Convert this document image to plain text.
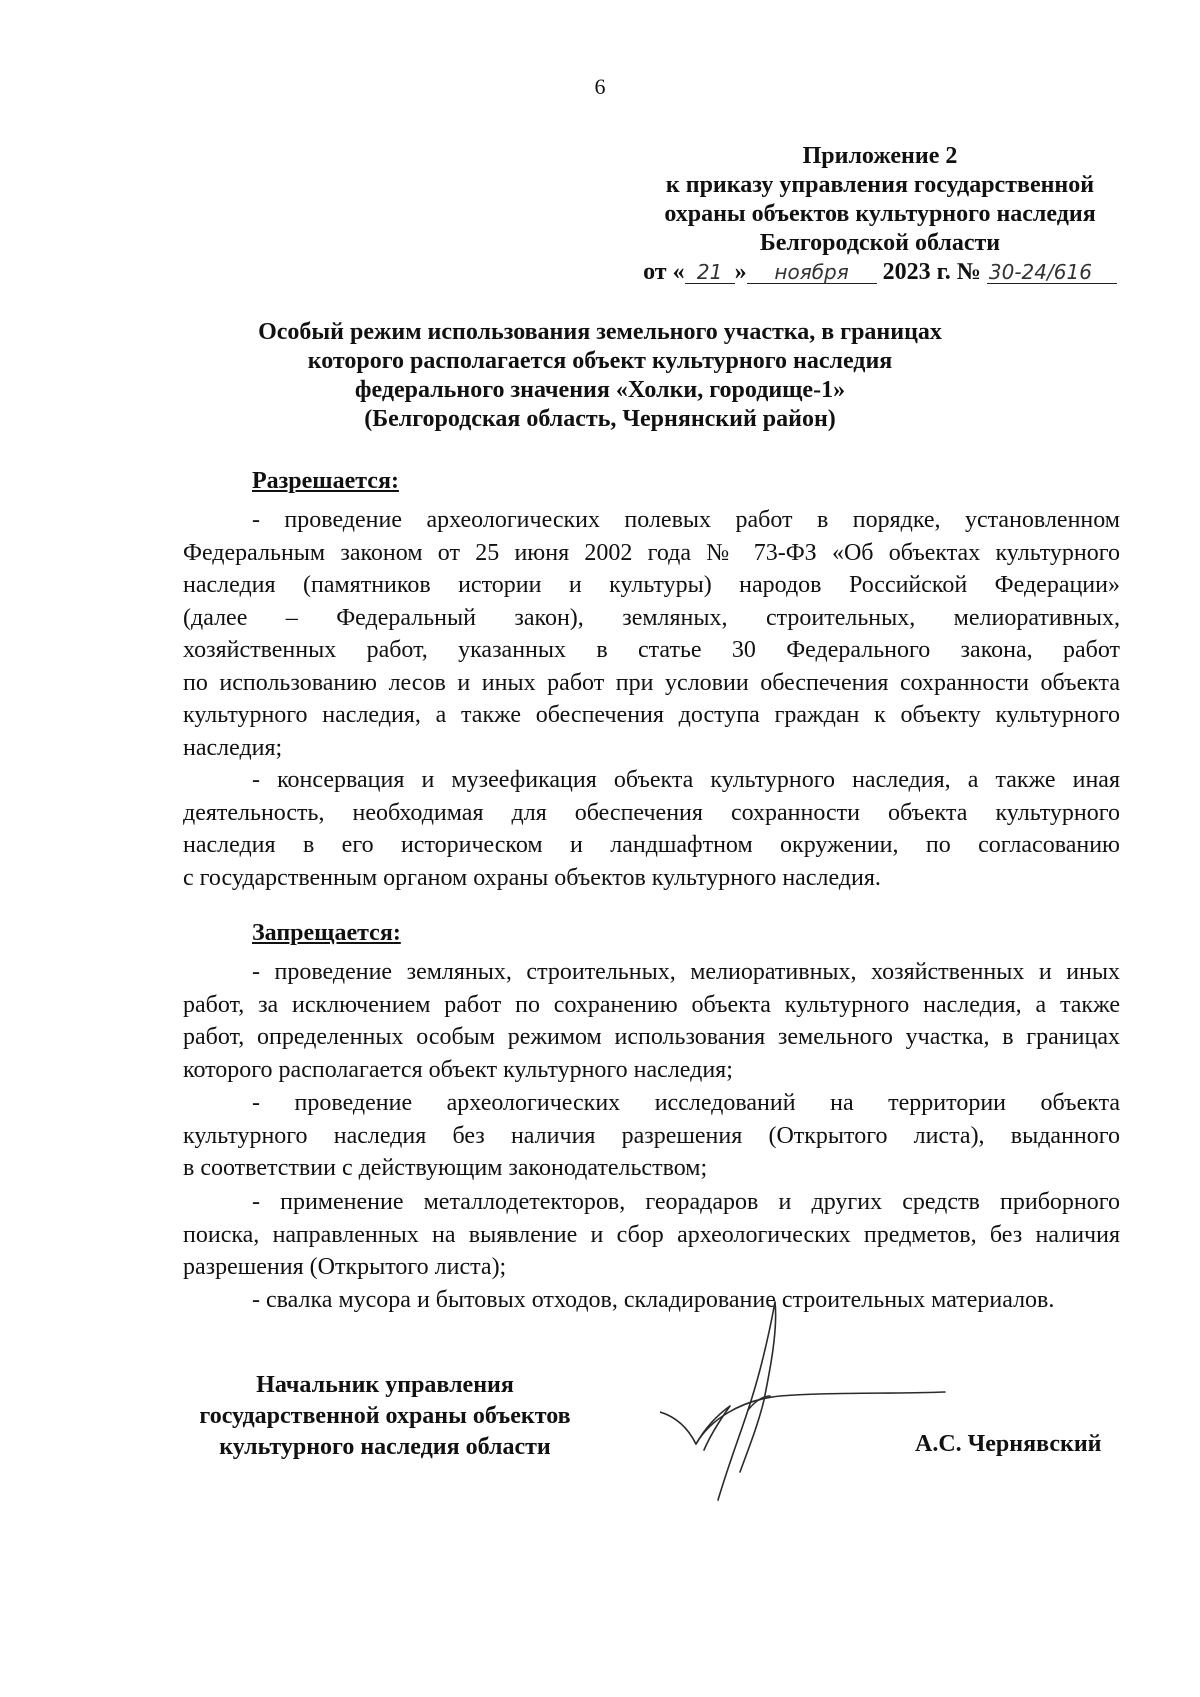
6
Приложение 2
к приказу управления государственной
охраны объектов культурного наследия
Белгородской области
от « 21 » ноября 2023 г. № 30-24/616
Особый режим использования земельного участка, в границах
которого располагается объект культурного наследия
федерального значения «Холки, городище-1»
(Белгородская область, Чернянский район)
Разрешается:
- проведение археологических полевых работ в порядке, установленном
Федеральным законом от 25 июня 2002 года № 73-ФЗ «Об объектах культурного
наследия (памятников истории и культуры) народов Российской Федерации»
(далее – Федеральный закон), земляных, строительных, мелиоративных,
хозяйственных работ, указанных в статье 30 Федерального закона, работ
по использованию лесов и иных работ при условии обеспечения сохранности объекта
культурного наследия, а также обеспечения доступа граждан к объекту культурного
наследия;
- консервация и музеефикация объекта культурного наследия, а также иная
деятельность, необходимая для обеспечения сохранности объекта культурного
наследия в его историческом и ландшафтном окружении, по согласованию
с государственным органом охраны объектов культурного наследия.
Запрещается:
- проведение земляных, строительных, мелиоративных, хозяйственных и иных
работ, за исключением работ по сохранению объекта культурного наследия, а также
работ, определенных особым режимом использования земельного участка, в границах
которого располагается объект культурного наследия;
- проведение археологических исследований на территории объекта
культурного наследия без наличия разрешения (Открытого листа), выданного
в соответствии с действующим законодательством;
- применение металлодетекторов, георадаров и других средств приборного
поиска, направленных на выявление и сбор археологических предметов, без наличия
разрешения (Открытого листа);
- свалка мусора и бытовых отходов, складирование строительных материалов.
Начальник управления
государственной охраны объектов
культурного наследия области	А.С. Чернявский
